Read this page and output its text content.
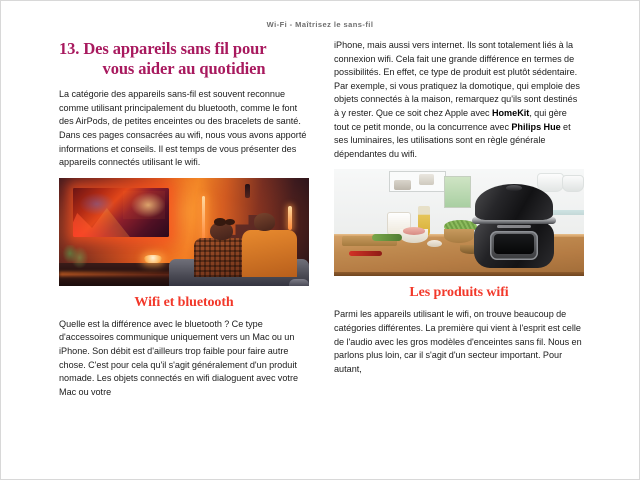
Wi-Fi - Maîtrisez le sans-fil
13. Des appareils sans fil pour
vous aider au quotidien

La catégorie des appareils sans-fil est souvent reconnue comme utilisant principalement du bluetooth, comme le font des AirPods, de petites enceintes ou des bracelets de santé. Dans ces pages consacrées au wifi, nous vous avons apporté informations et conseils. Il est temps de vous présenter des appareils connectés utilisant le wifi.

Wifi et bluetooth

Quelle est la différence avec le bluetooth ? Ce type d'accessoires communique uniquement vers un Mac ou un iPhone. Son débit est d'ailleurs trop faible pour faire autre chose. C'est pour cela qu'il s'agit généralement d'un produit nomade. Les objets connectés en wifi dialoguent avec votre Mac ou votre

iPhone, mais aussi vers internet. Ils sont totalement liés à la connexion wifi. Cela fait une grande différence en termes de possibilités. En effet, ce type de produit est plutôt sédentaire. Par exemple, si vous pratiquez la domotique, qui emploie des objets connectés à la maison, remarquez qu'ils sont destinés à y rester. Que ce soit chez Apple avec HomeKit, qui gère tout ce petit monde, ou la concurrence avec Philips Hue et ses luminaires, les utilisations sont en règle générale dépendantes du wifi.

Les produits wifi

Parmi les appareils utilisant le wifi, on trouve beaucoup de catégories différentes. La première qui vient à l'esprit est celle de l'audio avec les gros modèles d'enceintes sans fil. Nous en parlons plus loin, car il s'agit d'un secteur important. Pour autant,
